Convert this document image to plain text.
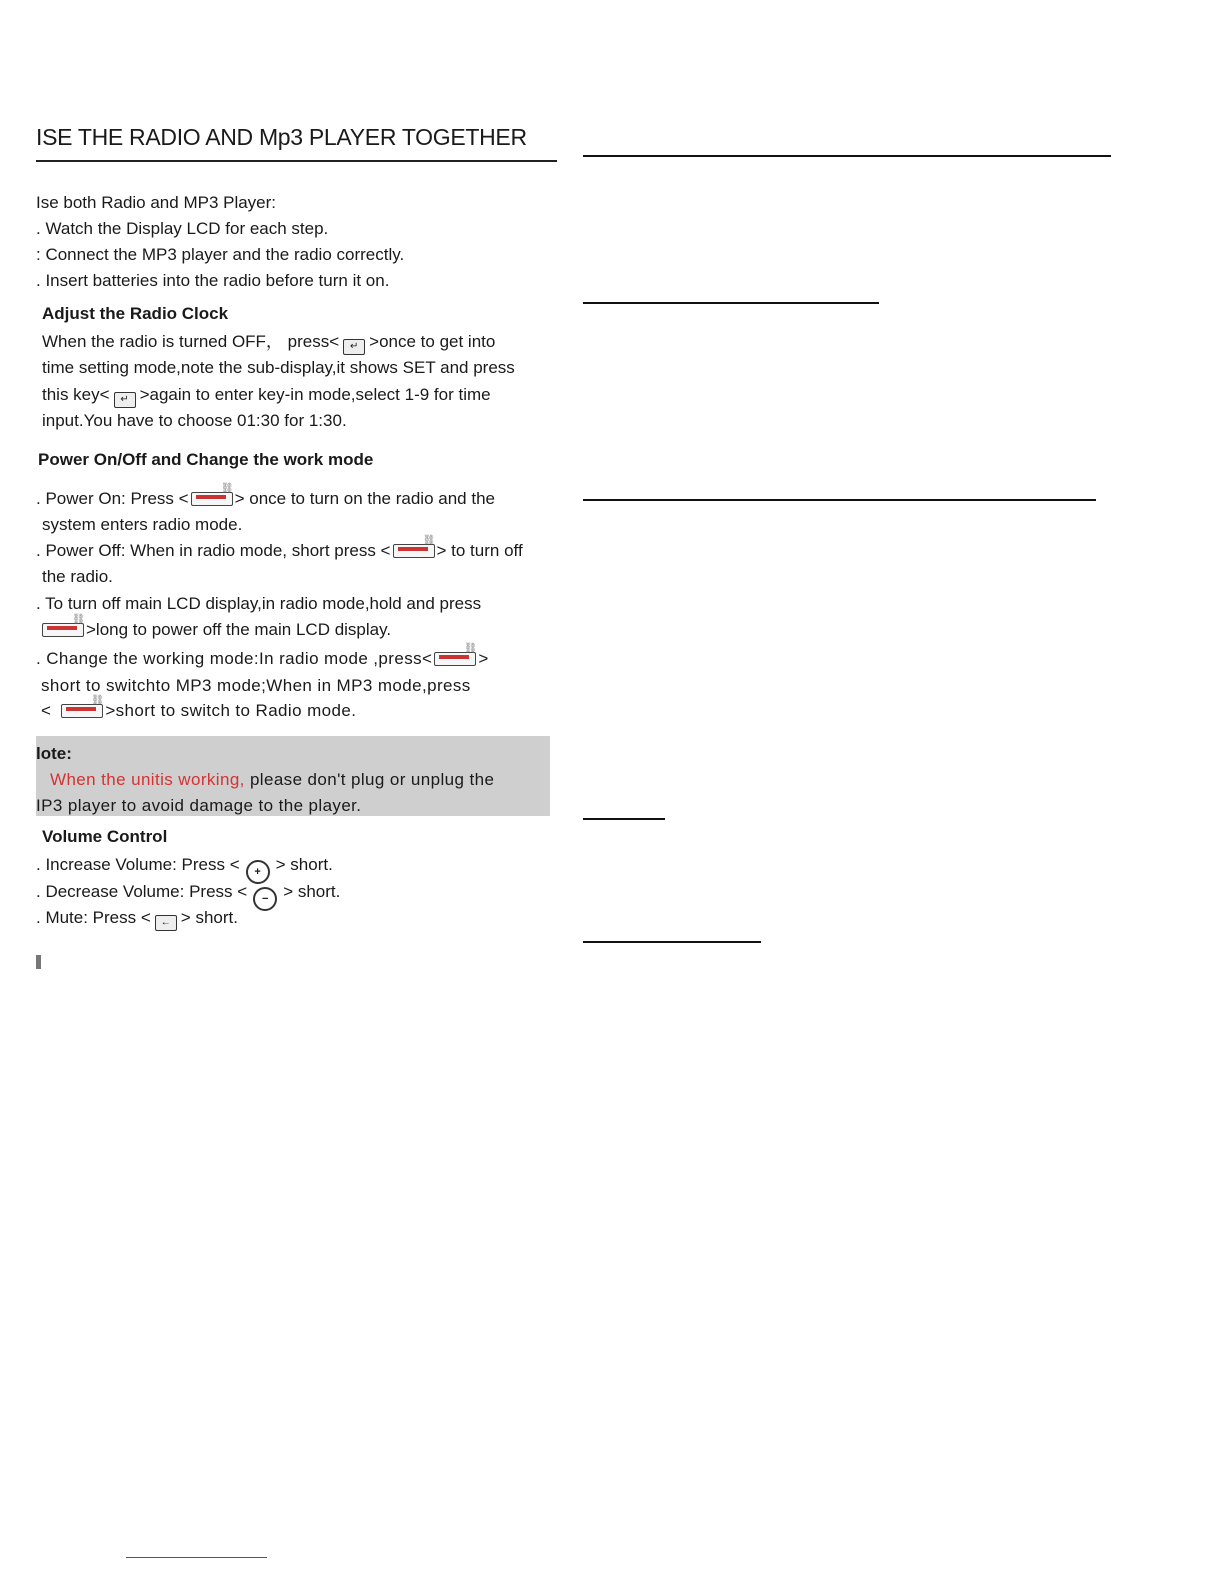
ISE THE RADIO AND Mp3 PLAYER TOGETHER
Ise both Radio and MP3 Player:
. Watch the Display LCD for each step.
: Connect the MP3 player and the radio correctly.
. Insert batteries into the radio before turn it on.
Adjust the Radio Clock
When the radio is turned OFF， press< ↵ >once to get into
time setting mode,note the sub-display,it shows SET and press
this key< ↵ >again to enter key-in mode,select 1-9 for time
input.You have to choose 01:30 for 1:30.
Power On/Off and Change the work mode
. Power On: Press < ⛓	> once to turn on the radio and the
system enters radio mode.
. Power Off: When in radio mode, short press < ⛓	> to turn off
the radio.
. To turn off main LCD display,in radio mode,hold and press
⛓>long to power off the main LCD display.
. Change the working mode:In radio mode ,press< ⛓	>
short to switchto MP3 mode;When in MP3 mode,press
< ⛓	>short to switch to Radio mode.
lote:
When the unitis working, please don't plug or unplug the
IP3 player to avoid damage to the player.
Volume Control
. Increase Volume: Press < + > short.
. Decrease Volume: Press < − > short.
. Mute: Press < ← > short.
